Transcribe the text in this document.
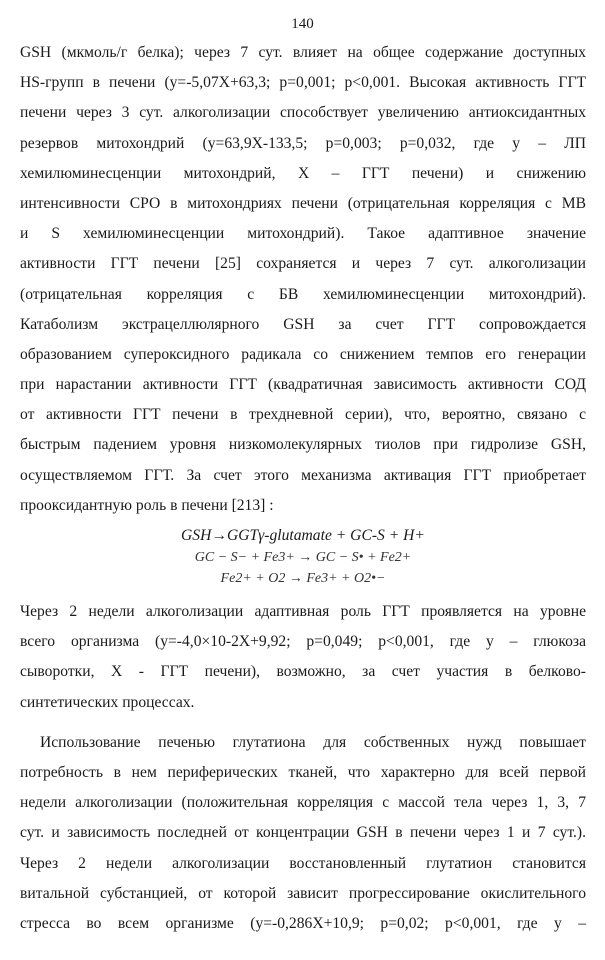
140
GSH (мкмоль/г белка); через 7 сут. влияет на общее содержание доступных
HS-групп в печени (y=-5,07X+63,3; p=0,001; p<0,001. Высокая активность ГГТ
печени через 3 сут. алкоголизации способствует увеличению антиоксидантных
резервов митохондрий (y=63,9X-133,5; p=0,003; p=0,032, где y – ЛП
хемилюминесценции митохондрий, X – ГГТ печени) и снижению
интенсивности СРО в митохондриях печени (отрицательная корреляция с МВ
и S хемилюминесценции митохондрий). Такое адаптивное значение
активности ГГТ печени [25] сохраняется и через 7 сут. алкоголизации
(отрицательная корреляция с БВ хемилюминесценции митохондрий).
Катаболизм экстрацеллюлярного GSH за счет ГГТ сопровождается
образованием супероксидного радикала со снижением темпов его генерации
при нарастании активности ГГТ (квадратичная зависимость активности СОД
от активности ГГТ печени в трехдневной серии), что, вероятно, связано с
быстрым падением уровня низкомолекулярных тиолов при гидролизе GSH,
осуществляемом ГГТ. За счет этого механизма активация ГГТ приобретает
прооксидантную роль в печени [213] :
GSH→GGTγ-glutamate + GC-S + H+
GC − S− + Fe3+ → GC − S• + Fe2+
Fe2+ + O2 → Fe3+ + O2•−
Через 2 недели алкоголизации адаптивная роль ГГТ проявляется на уровне
всего организма (y=-4,0×10-2X+9,92; p=0,049; p<0,001, где y – глюкоза
сыворотки, X - ГГТ печени), возможно, за счет участия в белково-
синтетических процессах.
Использование печенью глутатиона для собственных нужд повышает
потребность в нем периферических тканей, что характерно для всей первой
недели алкоголизации (положительная корреляция с массой тела через 1, 3, 7
сут. и зависимость последней от концентрации GSH в печени через 1 и 7 сут.).
Через 2 недели алкоголизации восстановленный глутатион становится
витальной субстанцией, от которой зависит прогрессирование окислительного
стресса во всем организме (y=-0,286X+10,9; p=0,02; p<0,001, где y –
